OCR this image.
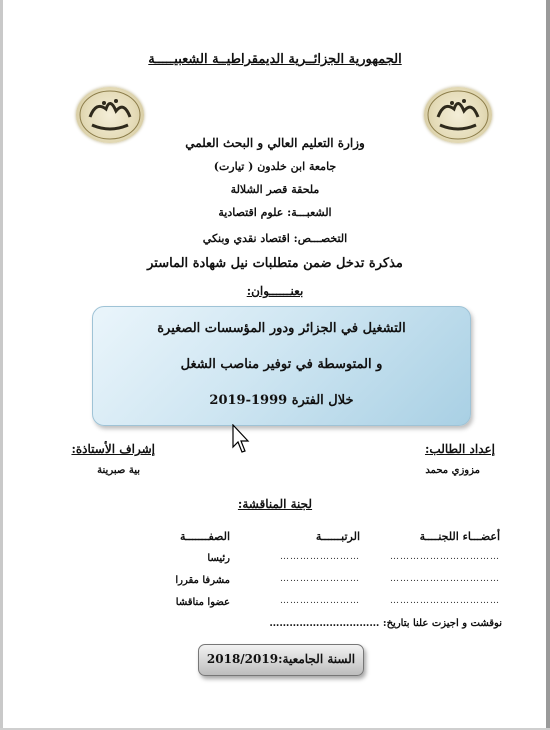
الجمهورية الجزائــرية الديمقراطيــة الشعبيـــــة
وزارة التعليم العالي و البحث العلمي
جامعة ابن خلدون ( تيارت)
ملحقة قصر الشلالة
الشعبـــة: علوم اقتصادية
التخصـــص: اقتصاد نقدي وبنكي
مذكرة تدخل ضمن متطلبات نيل شهادة الماستر
بعنــــــوان:
التشغيل في الجزائر ودور المؤسسات الصغيرة
و المتوسطة في توفير مناصب الشغل
خلال الفترة 1999-2019
إعداد الطالب:
مزوزي محمد
إشراف الأستاذة:
بية صبرينة
لجنة المناقشة:
أعضـــاء اللجنــــة
الرتبــــــة
الصفـــــــة
……………………………
……………………
رئيسا
……………………………
……………………
مشرفا مقررا
……………………………
……………………
عضوا مناقشا
نوقشت و أجيزت علنا بتاريخ: ……………………………
السنة الجامعية:2018/2019
